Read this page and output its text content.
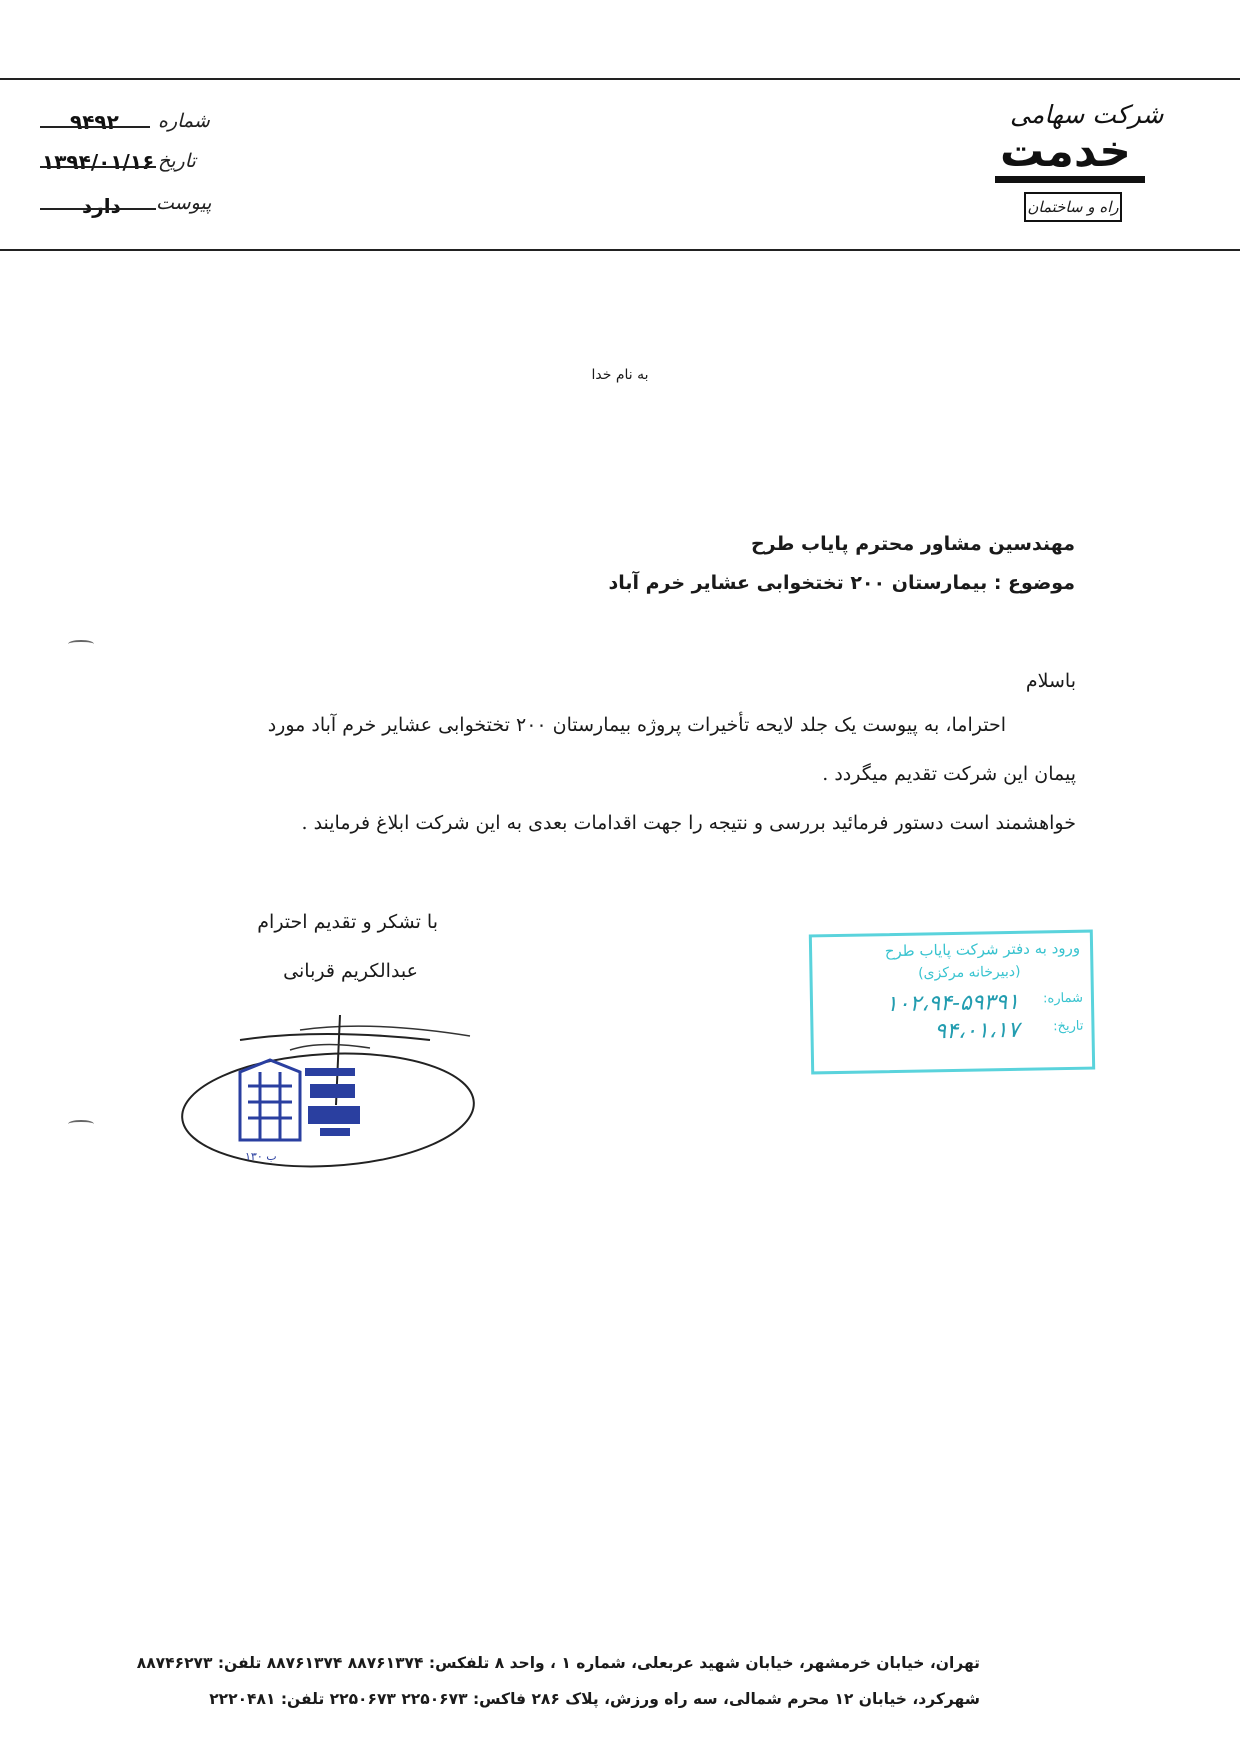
شماره
۹۴۹۲
تاریخ
۱۳۹۴/۰۱/۱۶
پیوست
دارد
شرکت سهامی
خدمت
راه و ساختمان
به نام خدا
مهندسین مشاور محترم پایاب طرح
موضوع : بیمارستان ۲۰۰ تختخوابی عشایر خرم آباد
باسلام
احتراما، به پیوست یک جلد لایحه تأخیرات پروژه بیمارستان ۲۰۰ تختخوابی عشایر خرم آباد مورد
پیمان این شرکت تقدیم میگردد .
خواهشمند است دستور فرمائید بررسی و نتیجه را جهت اقدامات بعدی به این شرکت ابلاغ فرمایند .
با تشکر و تقدیم احترام
عبدالکریم قربانی
ورود به دفتر شرکت پایاب طرح
(دبیرخانه مرکزی)
شماره:
۱۰۲،۹۴-۵۹۳۹۱
تاریخ:
۹۴،۰۱،۱۷
۱۳۰ ب
تهران، خیابان خرمشهر، خیابان شهید عربعلی، شماره ۱ ، واحد ۸ تلفکس: ۸۸۷۶۱۳۷۴ ۸۸۷۶۱۳۷۴ تلفن: ۸۸۷۴۶۲۷۳
شهرکرد، خیابان ۱۲ محرم شمالی، سه راه ورزش، پلاک ۲۸۶ فاکس: ۲۲۵۰۶۷۳ ۲۲۵۰۶۷۳ تلفن: ۲۲۲۰۴۸۱
